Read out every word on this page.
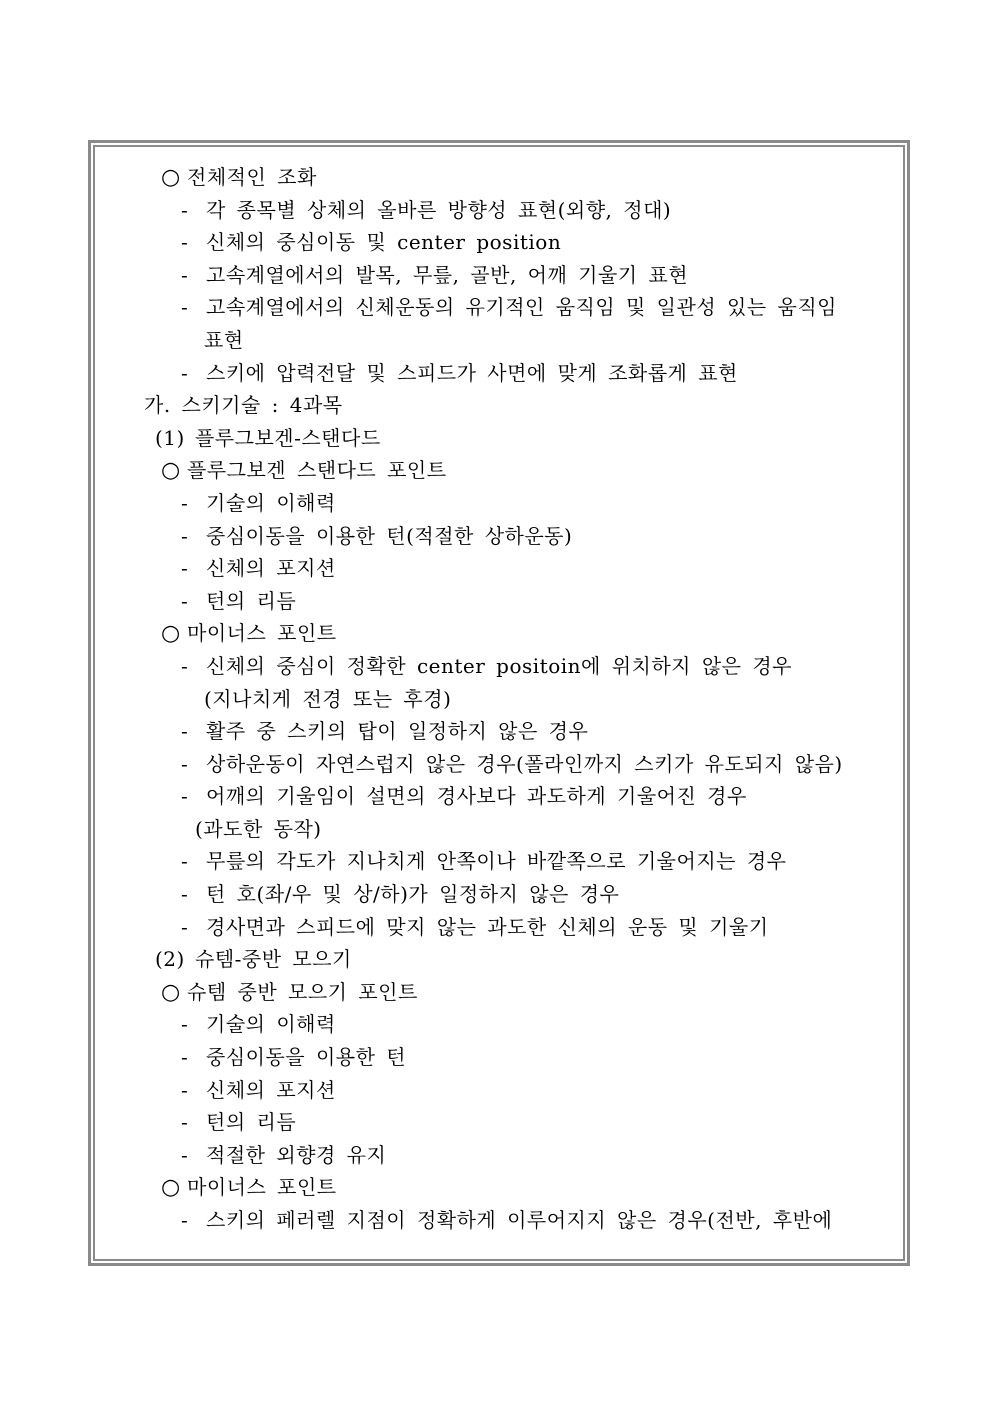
○ 전체적인 조화
- 각 종목별 상체의 올바른 방향성 표현(외향, 정대)
- 신체의 중심이동 및 center position
- 고속계열에서의 발목, 무릎, 골반, 어깨 기울기 표현
- 고속계열에서의 신체운동의 유기적인 움직임 및 일관성 있는 움직임
표현
- 스키에 압력전달 및 스피드가 사면에 맞게 조화롭게 표현
가. 스키기술 : 4과목
(1) 플루그보겐-스탠다드
○ 플루그보겐 스탠다드 포인트
- 기술의 이해력
- 중심이동을 이용한 턴(적절한 상하운동)
- 신체의 포지션
- 턴의 리듬
○ 마이너스 포인트
- 신체의 중심이 정확한 center positoin에 위치하지 않은 경우
(지나치게 전경 또는 후경)
- 활주 중 스키의 탑이 일정하지 않은 경우
- 상하운동이 자연스럽지 않은 경우(폴라인까지 스키가 유도되지 않음)
- 어깨의 기울임이 설면의 경사보다 과도하게 기울어진 경우
(과도한 동작)
- 무릎의 각도가 지나치게 안쪽이나 바깥쪽으로 기울어지는 경우
- 턴 호(좌/우 및 상/하)가 일정하지 않은 경우
- 경사면과 스피드에 맞지 않는 과도한 신체의 운동 및 기울기
(2) 슈템-중반 모으기
○ 슈템 중반 모으기 포인트
- 기술의 이해력
- 중심이동을 이용한 턴
- 신체의 포지션
- 턴의 리듬
- 적절한 외향경 유지
○ 마이너스 포인트
- 스키의 페러렐 지점이 정확하게 이루어지지 않은 경우(전반, 후반에
